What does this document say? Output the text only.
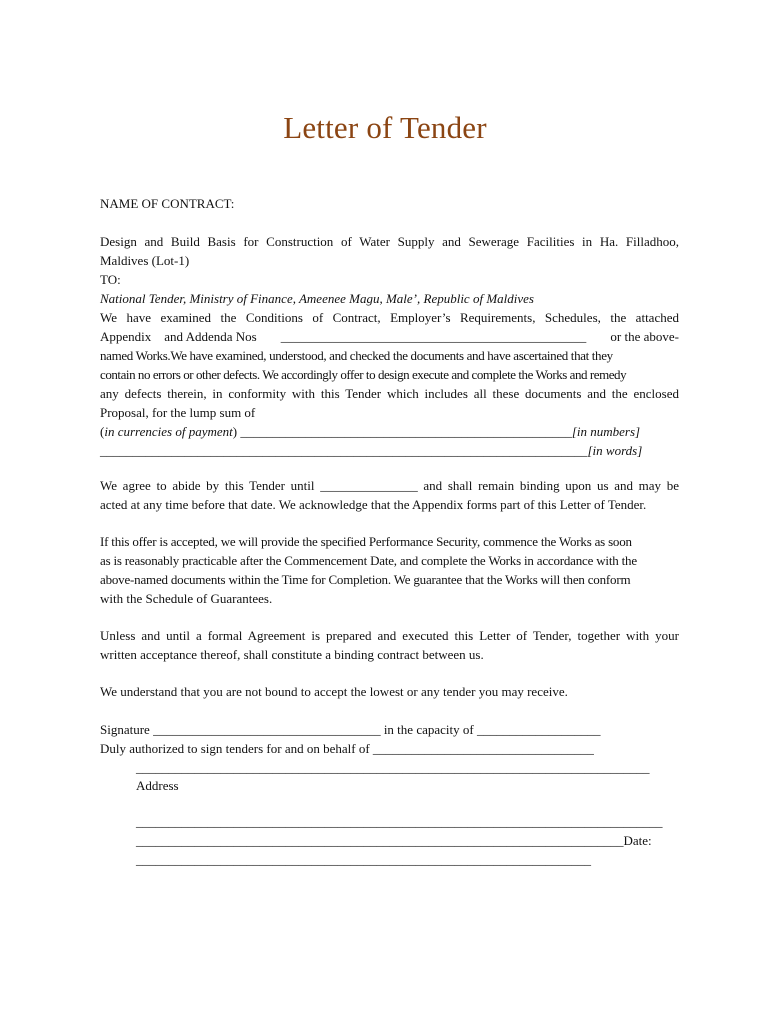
Letter of Tender
NAME OF CONTRACT:
Design and Build Basis for Construction of Water Supply and Sewerage Facilities in Ha. Filladhoo,
Maldives (Lot-1)
TO:
National Tender, Ministry of Finance, Ameenee Magu, Male’, Republic of Maldives
We have examined the Conditions of Contract, Employer’s Requirements, Schedules, the attached
Appendix    and Addenda Nos _______________________________________________ or the above-
named Works.We have examined, understood, and checked the documents and have ascertained that they
contain no errors or other defects. We accordingly offer to design execute and complete the Works and remedy
any defects therein, in conformity with this Tender which includes all these documents and the enclosed
Proposal, for the lump sum of
(in currencies of payment) ___________________________________________________[in numbers]
___________________________________________________________________________[in words]
We agree to abide by this Tender until _______________ and shall remain binding upon us and may be
acted at any time before that date. We acknowledge that the Appendix forms part of this Letter of Tender.
If this offer is accepted, we will provide the specified Performance Security, commence the Works as soon
as is reasonably practicable after the Commencement Date, and complete the Works in accordance with the
above-named documents within the Time for Completion. We guarantee that the Works will then conform
with the Schedule of Guarantees.
Unless and until a formal Agreement is prepared and executed this Letter of Tender, together with your
written acceptance thereof, shall constitute a binding contract between us.
We understand that you are not bound to accept the lowest or any tender you may receive.
Signature ___________________________________ in the capacity of ___________________
Duly authorized to sign tenders for and on behalf of __________________________________
_______________________________________________________________________________
Address
_________________________________________________________________________________
___________________________________________________________________________Date:
______________________________________________________________________
